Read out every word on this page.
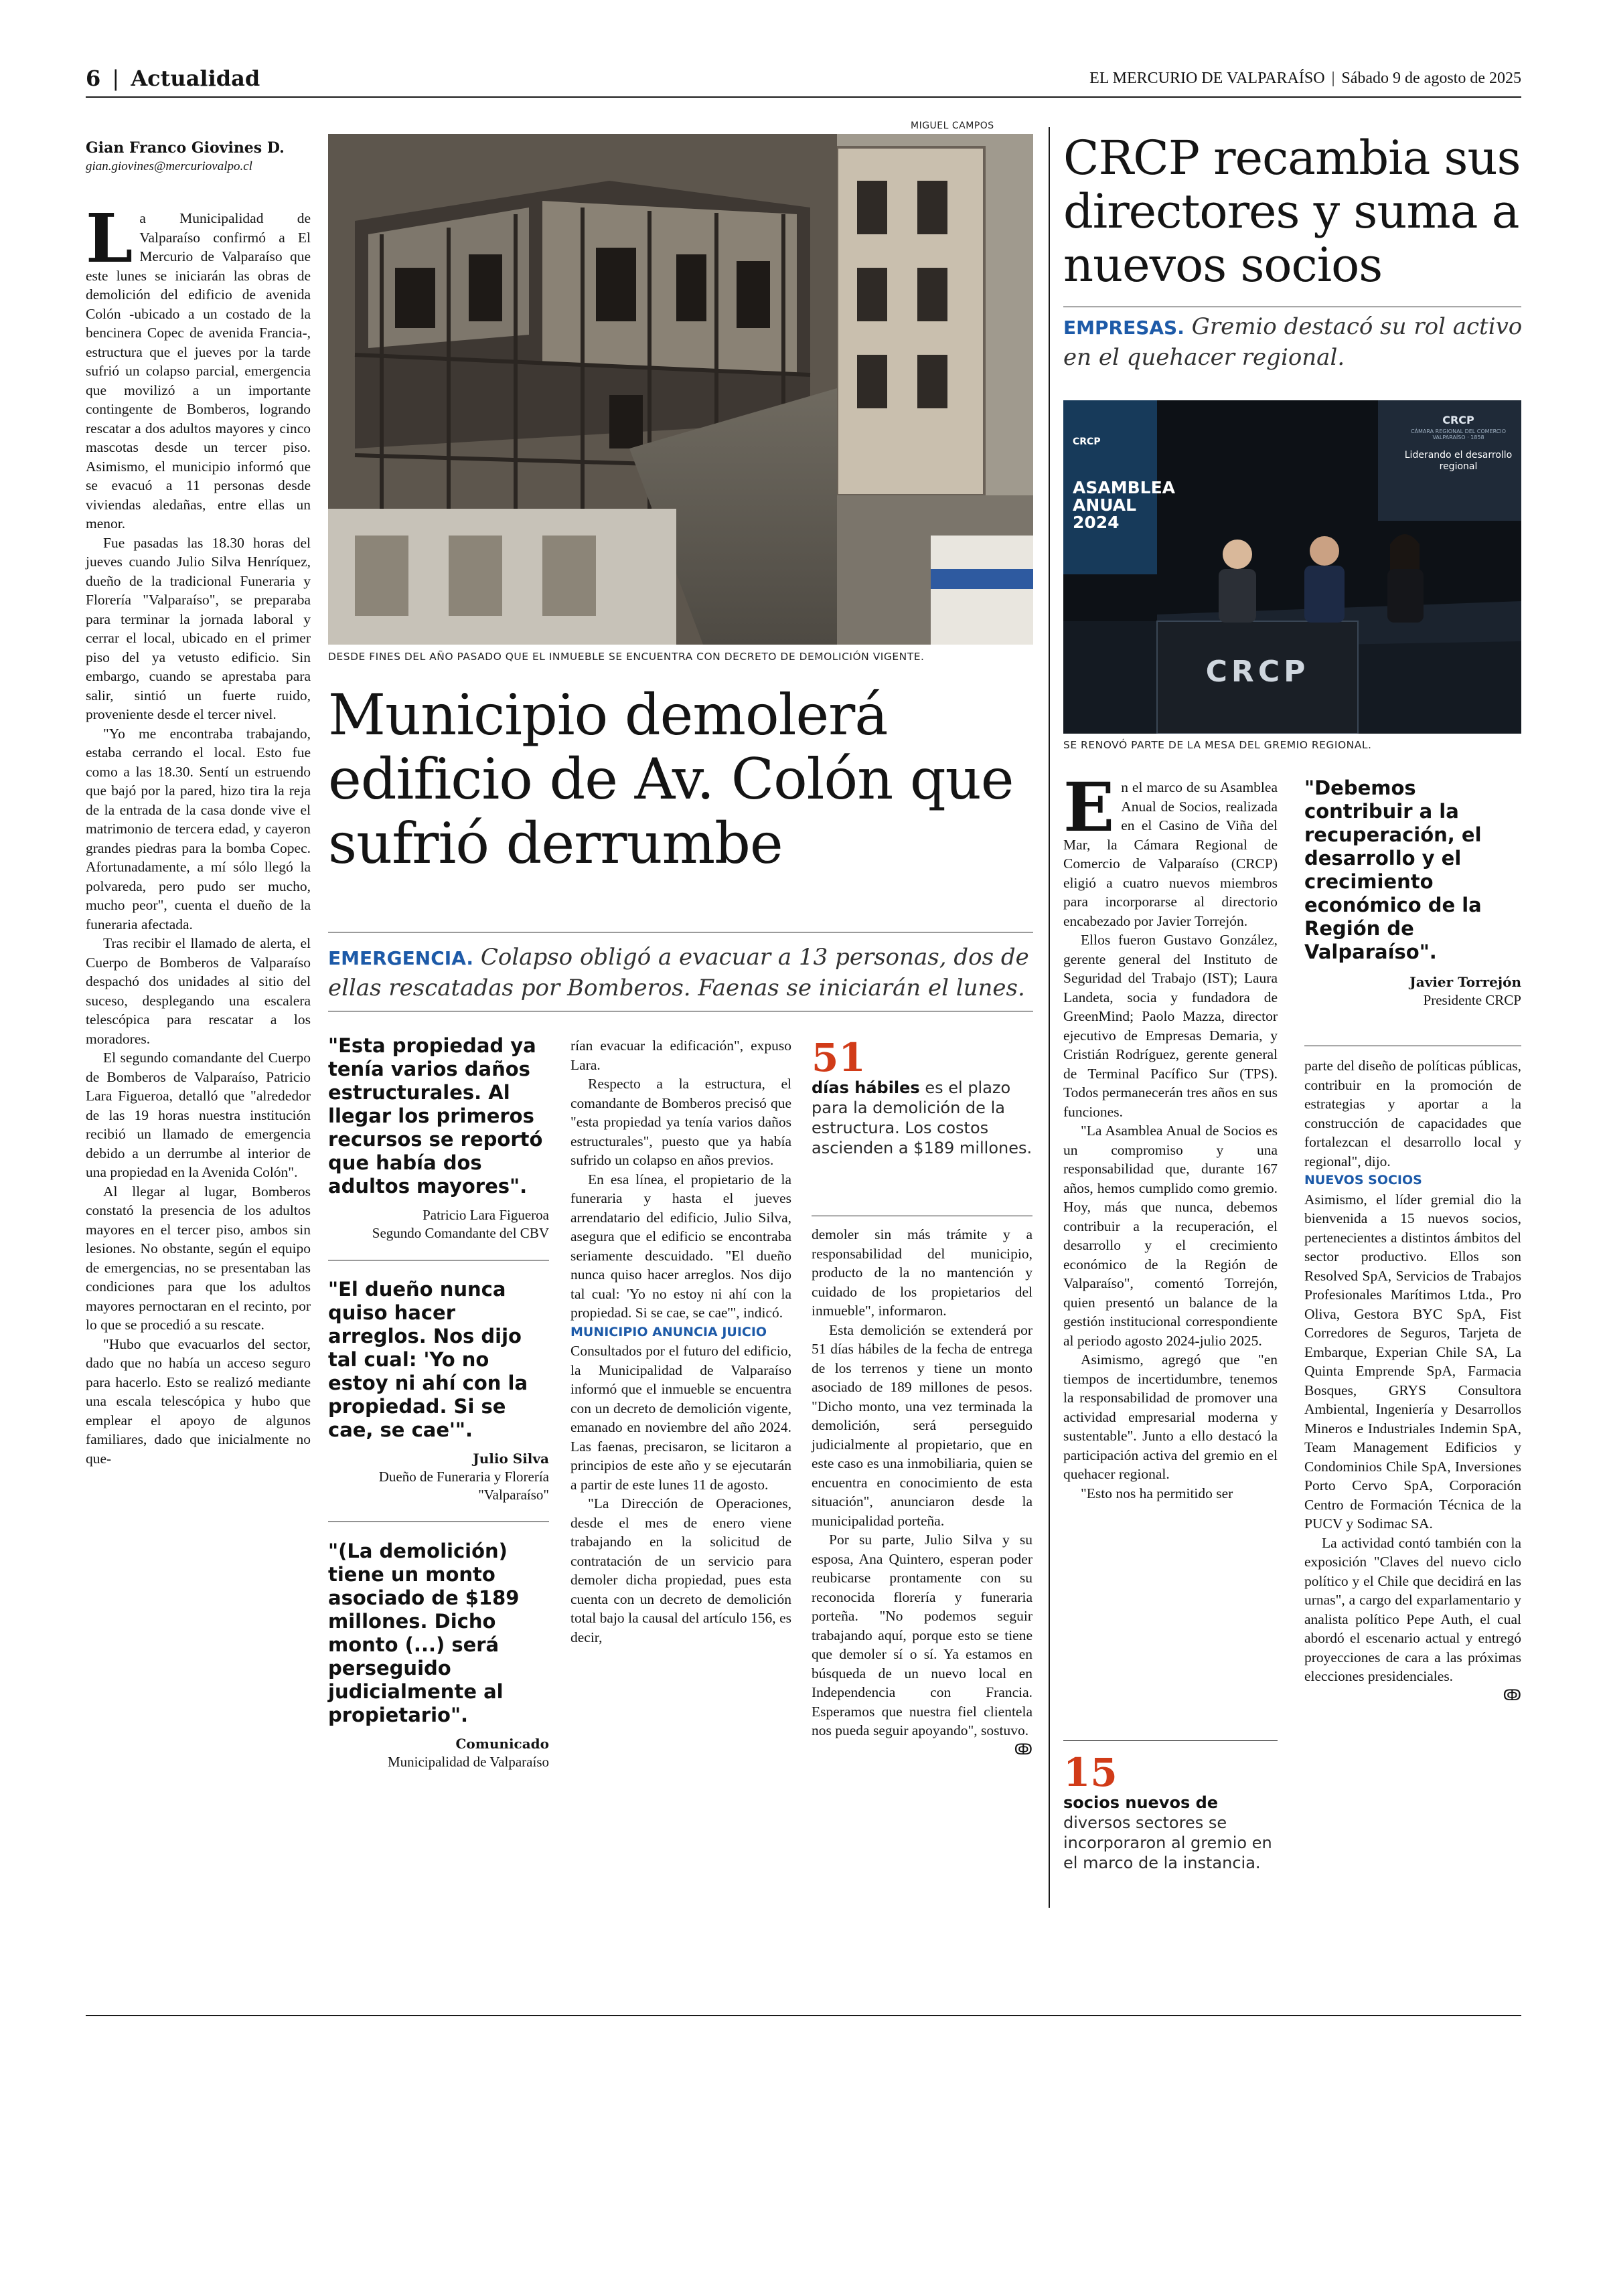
6 | Actualidad	EL MERCURIO DE VALPARAÍSO | Sábado 9 de agosto de 2025
Gian Franco Giovines D.
gian.giovines@mercuriovalpo.cl
MIGUEL CAMPOS
DESDE FINES DEL AÑO PASADO QUE EL INMUEBLE SE ENCUENTRA CON DECRETO DE DEMOLICIÓN VIGENTE.
Municipio demolerá edificio de Av. Colón que sufrió derrumbe
EMERGENCIA. Colapso obligó a evacuar a 13 personas, dos de ellas rescatadas por Bomberos. Faenas se iniciarán el lunes.

La Municipalidad de Valparaíso confirmó a El Mercurio de Valparaíso que este lunes se iniciarán las obras de demolición del edificio de avenida Colón -ubicado a un costado de la bencinera Copec de avenida Francia-, estructura que el jueves por la tarde sufrió un colapso parcial, emergencia que movilizó a un importante contingente de Bomberos, logrando rescatar a dos adultos mayores y cinco mascotas desde un tercer piso. Asimismo, el municipio informó que se evacuó a 11 personas desde viviendas aledañas, entre ellas un menor.

Fue pasadas las 18.30 horas del jueves cuando Julio Silva Henríquez, dueño de la tradicional Funeraria y Florería "Valparaíso", se preparaba para terminar la jornada laboral y cerrar el local, ubicado en el primer piso del ya vetusto edificio. Sin embargo, cuando se aprestaba para salir, sintió un fuerte ruido, proveniente desde el tercer nivel.

"Yo me encontraba trabajando, estaba cerrando el local. Esto fue como a las 18.30. Sentí un estruendo que bajó por la pared, hizo tira la reja de la entrada de la casa donde vive el matrimonio de tercera edad, y cayeron grandes piedras para la bomba Copec. Afortunadamente, a mí sólo llegó la polvareda, pero pudo ser mucho, mucho peor", cuenta el dueño de la funeraria afectada.

Tras recibir el llamado de alerta, el Cuerpo de Bomberos de Valparaíso despachó dos unidades al sitio del suceso, desplegando una escalera telescópica para rescatar a los moradores.

El segundo comandante del Cuerpo de Bomberos de Valparaíso, Patricio Lara Figueroa, detalló que "alrededor de las 19 horas nuestra institución recibió un llamado de emergencia debido a un derrumbe al interior de una propiedad en la Avenida Colón".

Al llegar al lugar, Bomberos constató la presencia de los adultos mayores en el tercer piso, ambos sin lesiones. No obstante, según el equipo de emergencias, no se presentaban las condiciones para que los adultos mayores pernoctaran en el recinto, por lo que se procedió a su rescate.

"Hubo que evacuarlos del sector, dado que no había un acceso seguro para hacerlo. Esto se realizó mediante una escala telescópica y hubo que emplear el apoyo de algunos familiares, dado que inicialmente no que-

"Esta propiedad ya tenía varios daños estructurales. Al llegar los primeros recursos se reportó que había dos adultos mayores".
Patricio Lara Figueroa
Segundo Comandante del CBV
"El dueño nunca quiso hacer arreglos. Nos dijo tal cual: 'Yo no estoy ni ahí con la propiedad. Si se cae, se cae'".
Julio Silva
Dueño de Funeraria y Florería "Valparaíso"
"(La demolición) tiene un monto asociado de $189 millones. Dicho monto (...) será perseguido judicialmente al propietario".
Comunicado
Municipalidad de Valparaíso

rían evacuar la edificación", expuso Lara.

Respecto a la estructura, el comandante de Bomberos precisó que "esta propiedad ya tenía varios daños estructurales", puesto que ya había sufrido un colapso en años previos.

En esa línea, el propietario de la funeraria y hasta el jueves arrendatario del edificio, Julio Silva, asegura que el edificio se encontraba seriamente descuidado. "El dueño nunca quiso hacer arreglos. Nos dijo tal cual: 'Yo no estoy ni ahí con la propiedad. Si se cae, se cae'", indicó.

MUNICIPIO ANUNCIA JUICIO

Consultados por el futuro del edificio, la Municipalidad de Valparaíso informó que el inmueble se encuentra con un decreto de demolición vigente, emanado en noviembre del año 2024. Las faenas, precisaron, se licitaron a principios de este año y se ejecutarán a partir de este lunes 11 de agosto.

"La Dirección de Operaciones, desde el mes de enero viene trabajando en la solicitud de contratación de un servicio para demoler dicha propiedad, pues esta cuenta con un decreto de demolición total bajo la causal del artículo 156, es decir,

51
días hábiles es el plazo para la demolición de la estructura. Los costos ascienden a $189 millones.

demoler sin más trámite y a responsabilidad del municipio, producto de la no mantención y cuidado de los propietarios del inmueble", informaron.

Esta demolición se extenderá por 51 días hábiles de la fecha de entrega de los terrenos y tiene un monto asociado de 189 millones de pesos. "Dicho monto, una vez terminada la demolición, será perseguido judicialmente al propietario, que en este caso es una inmobiliaria, quien se encuentra en conocimiento de esta situación", anunciaron desde la municipalidad porteña.

Por su parte, Julio Silva y su esposa, Ana Quintero, esperan poder reubicarse prontamente con su reconocida florería y funeraria porteña. "No podemos seguir trabajando aquí, porque esto se tiene que demoler sí o sí. Ya estamos en búsqueda de un nuevo local en Independencia con Francia. Esperamos que nuestra fiel clientela nos pueda seguir apoyando", sostuvo.

ↂ

CRCP recambia sus directores y suma a nuevos socios
EMPRESAS. Gremio destacó su rol activo en el quehacer regional.
CRCP
ASAMBLEA ANUAL 2024
CRCP
CÁMARA REGIONAL DEL COMERCIO VALPARAÍSO · 1858
Liderando el desarrollo regional
CRCP
SE RENOVÓ PARTE DE LA MESA DEL GREMIO REGIONAL.

En el marco de su Asamblea Anual de Socios, realizada en el Casino de Viña del Mar, la Cámara Regional de Comercio de Valparaíso (CRCP) eligió a cuatro nuevos miembros para incorporarse al directorio encabezado por Javier Torrejón.

Ellos fueron Gustavo González, gerente general del Instituto de Seguridad del Trabajo (IST); Laura Landeta, socia y fundadora de GreenMind; Paolo Mazza, director ejecutivo de Empresas Demaria, y Cristián Rodríguez, gerente general de Terminal Pacífico Sur (TPS). Todos permanecerán tres años en sus funciones.

"La Asamblea Anual de Socios es un compromiso y una responsabilidad que, durante 167 años, hemos cumplido como gremio. Hoy, más que nunca, debemos contribuir a la recuperación, el desarrollo y el crecimiento económico de la Región de Valparaíso", comentó Torrejón, quien presentó un balance de la gestión institucional correspondiente al periodo agosto 2024-julio 2025.

Asimismo, agregó que "en tiempos de incertidumbre, tenemos la responsabilidad de promover una actividad empresarial moderna y sustentable". Junto a ello destacó la participación activa del gremio en el quehacer regional.

"Esto nos ha permitido ser

15
socios nuevos de diversos sectores se incorporaron al gremio en el marco de la instancia.
"Debemos contribuir a la recuperación, el desarrollo y el crecimiento económico de la Región de Valparaíso".
Javier Torrejón
Presidente CRCP

parte del diseño de políticas públicas, contribuir en la promoción de estrategias y aportar a la construcción de capacidades que fortalezcan el desarrollo local y regional", dijo.

NUEVOS SOCIOS

Asimismo, el líder gremial dio la bienvenida a 15 nuevos socios, pertenecientes a distintos ámbitos del sector productivo. Ellos son Resolved SpA, Servicios de Trabajos Profesionales Marítimos Ltda., Pro Oliva, Gestora BYC SpA, Fist Corredores de Seguros, Tarjeta de Embarque, Experian Chile SA, La Quinta Emprende SpA, Farmacia Bosques, GRYS Consultora Ambiental, Ingeniería y Desarrollos Mineros e Industriales Indemin SpA, Team Management Edificios y Condominios Chile SpA, Inversiones Porto Cervo SpA, Corporación Centro de Formación Técnica de la PUCV y Sodimac SA.

La actividad contó también con la exposición "Claves del nuevo ciclo político y el Chile que decidirá en las urnas", a cargo del exparlamentario y analista político Pepe Auth, el cual abordó el escenario actual y entregó proyecciones de cara a las próximas elecciones presidenciales.

ↂ
